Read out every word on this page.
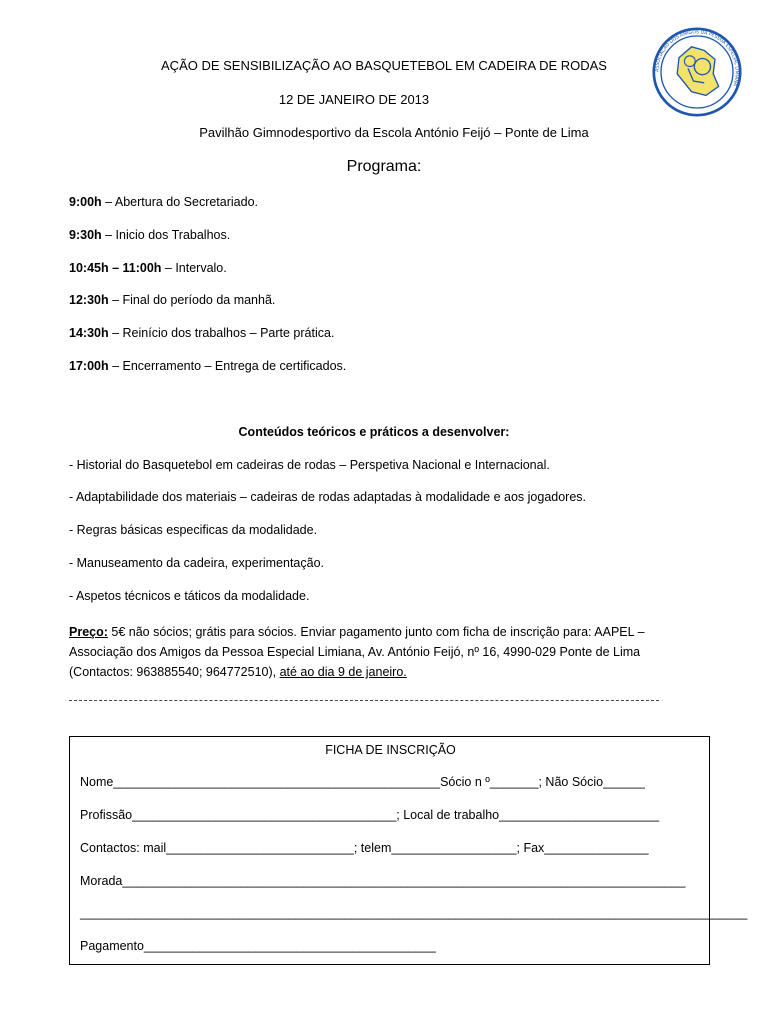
ASSOCIAÇÃO DOS AMIGOS DA PESSOA ESPECIAL LIMIANA
AÇÃO DE SENSIBILIZAÇÃO AO BASQUETEBOL EM CADEIRA DE RODAS
12 DE JANEIRO DE 2013
Pavilhão Gimnodesportivo da Escola António Feijó – Ponte de Lima
Programa:
9:00h – Abertura do Secretariado.
9:30h – Inicio dos Trabalhos.
10:45h – 11:00h – Intervalo.
12:30h – Final do período da manhã.
14:30h – Reinício dos trabalhos – Parte prática.
17:00h – Encerramento – Entrega de certificados.
Conteúdos teóricos e práticos a desenvolver:
- Historial do Basquetebol em cadeiras de rodas – Perspetiva Nacional e Internacional.
- Adaptabilidade dos materiais – cadeiras de rodas adaptadas à modalidade e aos jogadores.
- Regras básicas especificas da modalidade.
- Manuseamento da cadeira, experimentação.
- Aspetos técnicos e táticos da modalidade.
Preço: 5€ não sócios; grátis para sócios. Enviar pagamento junto com ficha de inscrição para: AAPEL – Associação dos Amigos da Pessoa Especial Limiana, Av. António Feijó, nº 16, 4990-029 Ponte de Lima (Contactos: 963885540; 964772510), até ao dia 9 de janeiro.
FICHA DE INSCRIÇÃO
Nome_______________________________________________Sócio n º_______; Não Sócio______
Profissão______________________________________; Local de trabalho_______________________
Contactos: mail___________________________; telem__________________; Fax_______________
Morada_________________________________________________________________________________
________________________________________________________________________________________________
Pagamento__________________________________________
